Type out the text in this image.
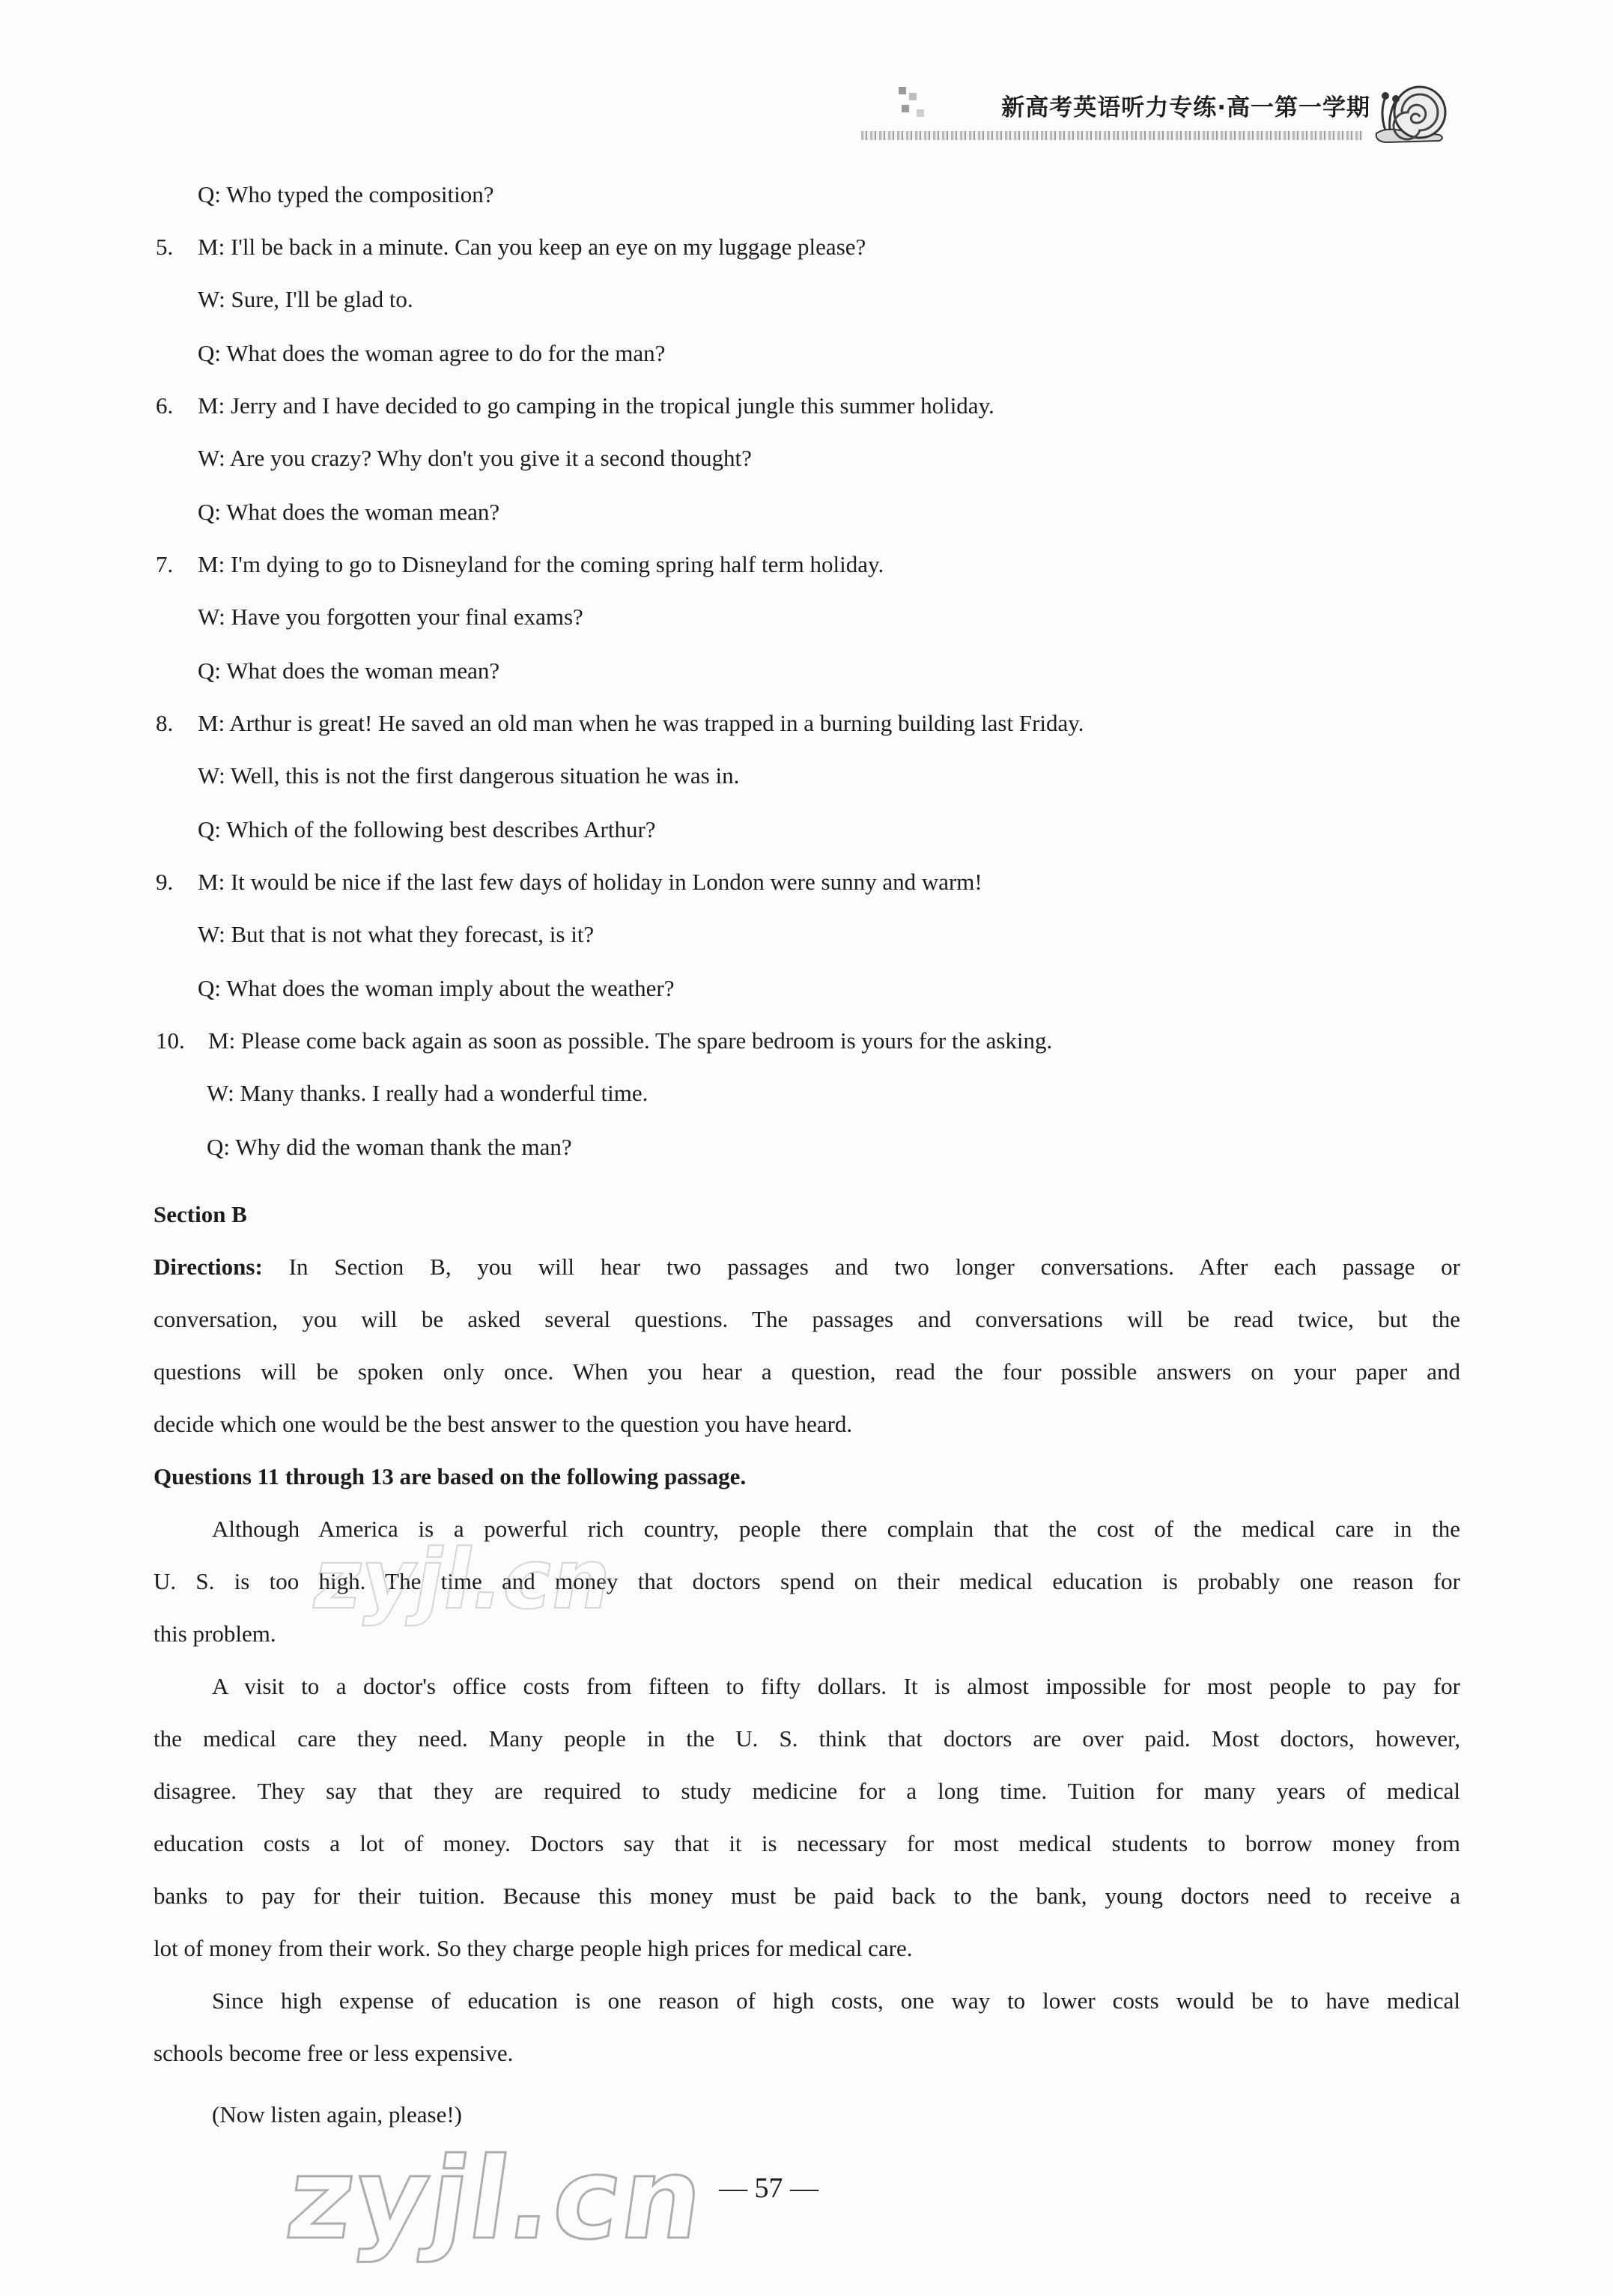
新高考英语听力专练·高一第一学期
Q: Who typed the composition?
5. M: I'll be back in a minute. Can you keep an eye on my luggage please?
W: Sure, I'll be glad to.
Q: What does the woman agree to do for the man?
6. M: Jerry and I have decided to go camping in the tropical jungle this summer holiday.
W: Are you crazy? Why don't you give it a second thought?
Q: What does the woman mean?
7. M: I'm dying to go to Disneyland for the coming spring half term holiday.
W: Have you forgotten your final exams?
Q: What does the woman mean?
8. M: Arthur is great! He saved an old man when he was trapped in a burning building last Friday.
W: Well, this is not the first dangerous situation he was in.
Q: Which of the following best describes Arthur?
9. M: It would be nice if the last few days of holiday in London were sunny and warm!
W: But that is not what they forecast, is it?
Q: What does the woman imply about the weather?
10. M: Please come back again as soon as possible. The spare bedroom is yours for the asking.
W: Many thanks. I really had a wonderful time.
Q: Why did the woman thank the man?
Section B
Directions: In Section B, you will hear two passages and two longer conversations. After each passage or
conversation, you will be asked several questions. The passages and conversations will be read twice, but the
questions will be spoken only once. When you hear a question, read the four possible answers on your paper and
decide which one would be the best answer to the question you have heard.
Questions 11 through 13 are based on the following passage.
Although America is a powerful rich country, people there complain that the cost of the medical care in the
U. S. is too high. The time and money that doctors spend on their medical education is probably one reason for
this problem.
A visit to a doctor's office costs from fifteen to fifty dollars. It is almost impossible for most people to pay for
the medical care they need. Many people in the U. S. think that doctors are over paid. Most doctors, however,
disagree. They say that they are required to study medicine for a long time. Tuition for many years of medical
education costs a lot of money. Doctors say that it is necessary for most medical students to borrow money from
banks to pay for their tuition. Because this money must be paid back to the bank, young doctors need to receive a
lot of money from their work. So they charge people high prices for medical care.
Since high expense of education is one reason of high costs, one way to lower costs would be to have medical
schools become free or less expensive.
(Now listen again, please!)
zyjl.cn
zyjl.cn — 57 —
